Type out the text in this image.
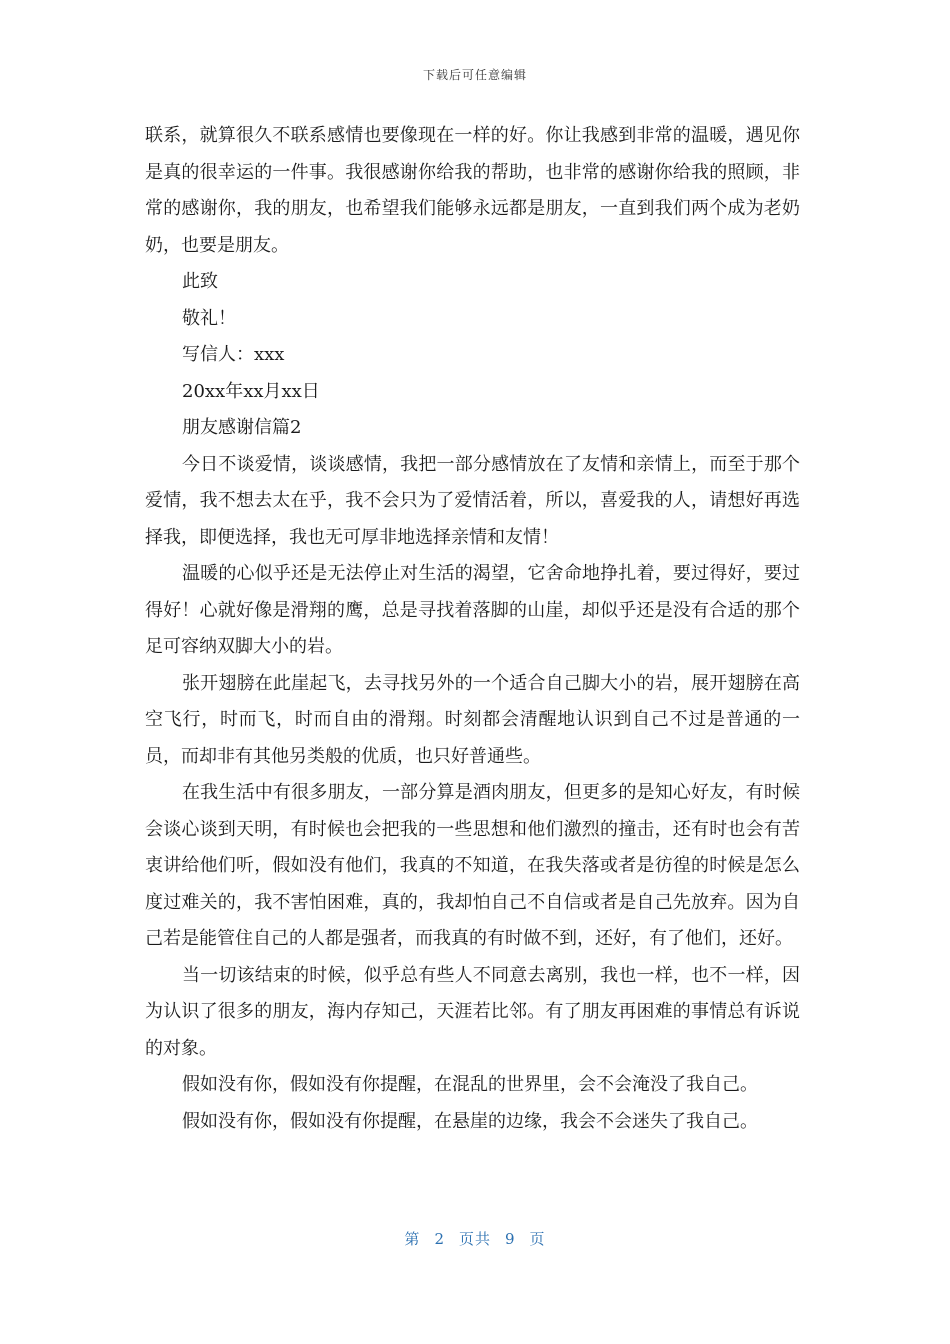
下载后可任意编辑

联系，就算很久不联系感情也要像现在一样的好。你让我感到非常的温暖，遇见你是真的很幸运的一件事。我很感谢你给我的帮助，也非常的感谢你给我的照顾，非常的感谢你，我的朋友，也希望我们能够永远都是朋友，一直到我们两个成为老奶奶，也要是朋友。

此致

敬礼！

写信人：xxx

20xx年xx月xx日

朋友感谢信篇2

今日不谈爱情，谈谈感情，我把一部分感情放在了友情和亲情上，而至于那个爱情，我不想去太在乎，我不会只为了爱情活着，所以，喜爱我的人，请想好再选择我，即便选择，我也无可厚非地选择亲情和友情！

温暖的心似乎还是无法停止对生活的渴望，它舍命地挣扎着，要过得好，要过得好！心就好像是滑翔的鹰，总是寻找着落脚的山崖，却似乎还是没有合适的那个足可容纳双脚大小的岩。

张开翅膀在此崖起飞，去寻找另外的一个适合自己脚大小的岩，展开翅膀在高空飞行，时而飞，时而自由的滑翔。时刻都会清醒地认识到自己不过是普通的一员，而却非有其他另类般的优质，也只好普通些。

在我生活中有很多朋友，一部分算是酒肉朋友，但更多的是知心好友，有时候会谈心谈到天明，有时候也会把我的一些思想和他们激烈的撞击，还有时也会有苦衷讲给他们听，假如没有他们，我真的不知道，在我失落或者是彷徨的时候是怎么度过难关的，我不害怕困难，真的，我却怕自己不自信或者是自己先放弃。因为自己若是能管住自己的人都是强者，而我真的有时做不到，还好，有了他们，还好。

当一切该结束的时候，似乎总有些人不同意去离别，我也一样，也不一样，因为认识了很多的朋友，海内存知己，天涯若比邻。有了朋友再困难的事情总有诉说的对象。

假如没有你，假如没有你提醒，在混乱的世界里，会不会淹没了我自己。

假如没有你，假如没有你提醒，在悬崖的边缘，我会不会迷失了我自己。

第 2 页共 9 页
